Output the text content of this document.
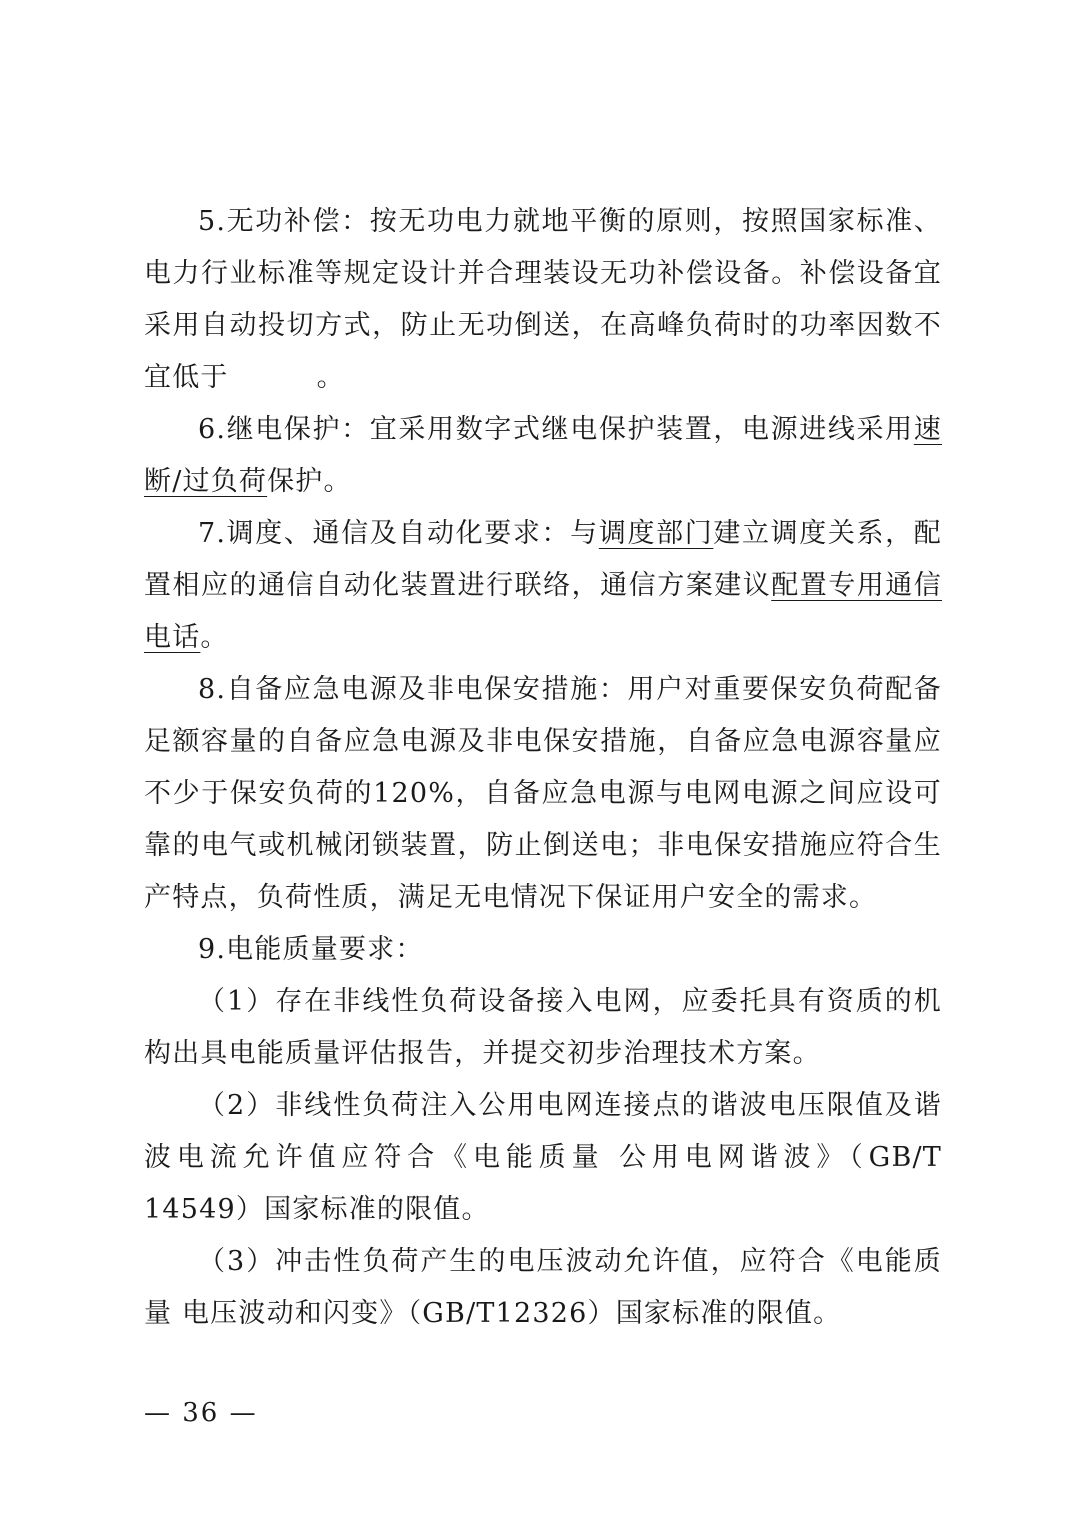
5.无功补偿：按无功电力就地平衡的原则，按照国家标准、电力行业标准等规定设计并合理装设无功补偿设备。补偿设备宜采用自动投切方式，防止无功倒送，在高峰负荷时的功率因数不宜低于	。

6.继电保护：宜采用数字式继电保护装置，电源进线采用速断/过负荷保护。

7.调度、通信及自动化要求：与调度部门建立调度关系，配置相应的通信自动化装置进行联络，通信方案建议配置专用通信电话。

8.自备应急电源及非电保安措施：用户对重要保安负荷配备足额容量的自备应急电源及非电保安措施，自备应急电源容量应不少于保安负荷的120%，自备应急电源与电网电源之间应设可靠的电气或机械闭锁装置，防止倒送电；非电保安措施应符合生产特点，负荷性质，满足无电情况下保证用户安全的需求。

9.电能质量要求：

（1）存在非线性负荷设备接入电网，应委托具有资质的机构出具电能质量评估报告，并提交初步治理技术方案。

（2）非线性负荷注入公用电网连接点的谐波电压限值及谐波电流允许值应符合《电能质量 公用电网谐波》（GB/T 14549）国家标准的限值。

（3）冲击性负荷产生的电压波动允许值，应符合《电能质量 电压波动和闪变》（GB/T12326）国家标准的限值。

— 36 —
